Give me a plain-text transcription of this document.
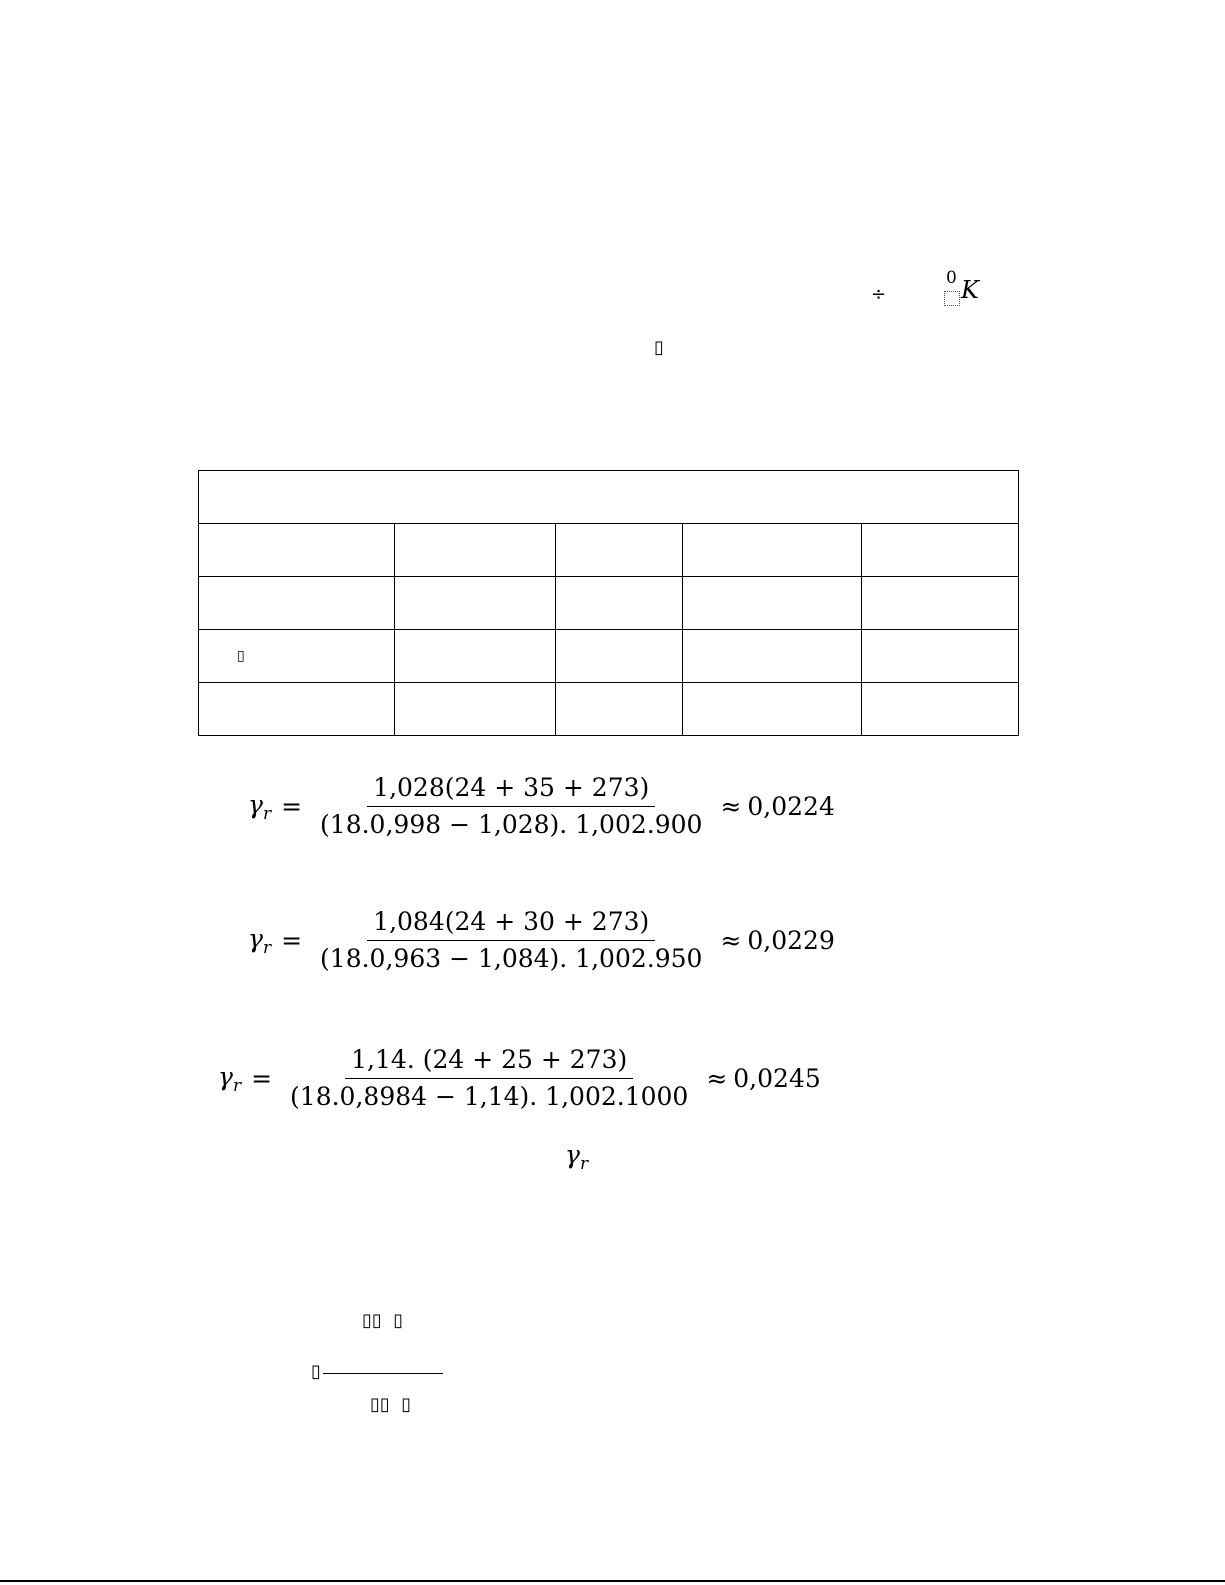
÷
0 K
▯

▯				

$\gamma_r = \frac{1,028(24 + 35 + 273)}{(18.0,998 - 1,028). 1,002.900} \approx 0,0224$
$\gamma_r = \frac{1,084(24 + 30 + 273)}{(18.0,963 - 1,084). 1,002.950} \approx 0,0229$
$\gamma_r = \frac{1,14. (24 + 25 + 273)}{(18.0,8984 - 1,14). 1,002.1000} \approx 0,0245$
$\gamma_r$
▯▯  ▯
▯
▯▯  ▯
